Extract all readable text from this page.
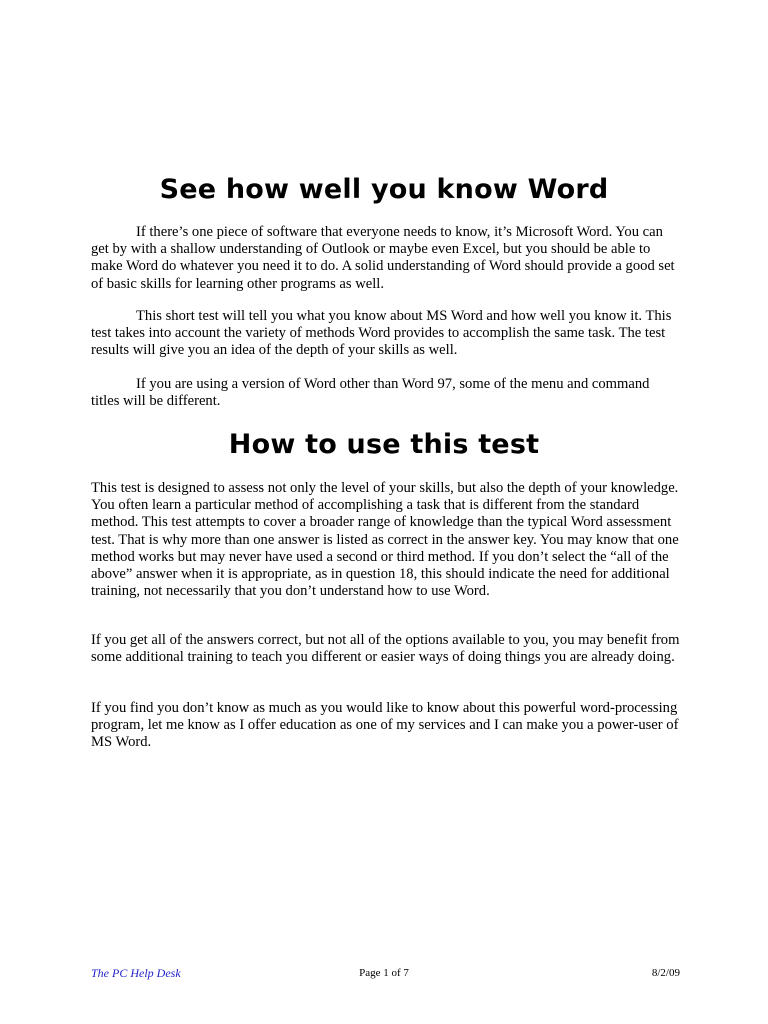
See how well you know Word

If there’s one piece of software that everyone needs to know, it’s Microsoft Word. You can get by with a shallow understanding of Outlook or maybe even Excel, but you should be able to make Word do whatever you need it to do. A solid understanding of Word should provide a good set of basic skills for learning other programs as well.

This short test will tell you what you know about MS Word and how well you know it. This test takes into account the variety of methods Word provides to accomplish the same task. The test results will give you an idea of the depth of your skills as well.

If you are using a version of Word other than Word 97, some of the menu and command titles will be different.

How to use this test

This test is designed to assess not only the level of your skills, but also the depth of your knowledge. You often learn a particular method of accomplishing a task that is different from the standard method. This test attempts to cover a broader range of knowledge than the typical Word assessment test. That is why more than one answer is listed as correct in the answer key. You may know that one method works but may never have used a second or third method. If you don’t select the “all of the above” answer when it is appropriate, as in question 18, this should indicate the need for additional training, not necessarily that you don’t understand how to use Word.

If you get all of the answers correct, but not all of the options available to you, you may benefit from some additional training to teach you different or easier ways of doing things you are already doing.

If you find you don’t know as much as you would like to know about this powerful word-processing program, let me know as I offer education as one of my services and I can make you a power-user of MS Word.

The PC Help Desk	Page 1 of 7	8/2/09
